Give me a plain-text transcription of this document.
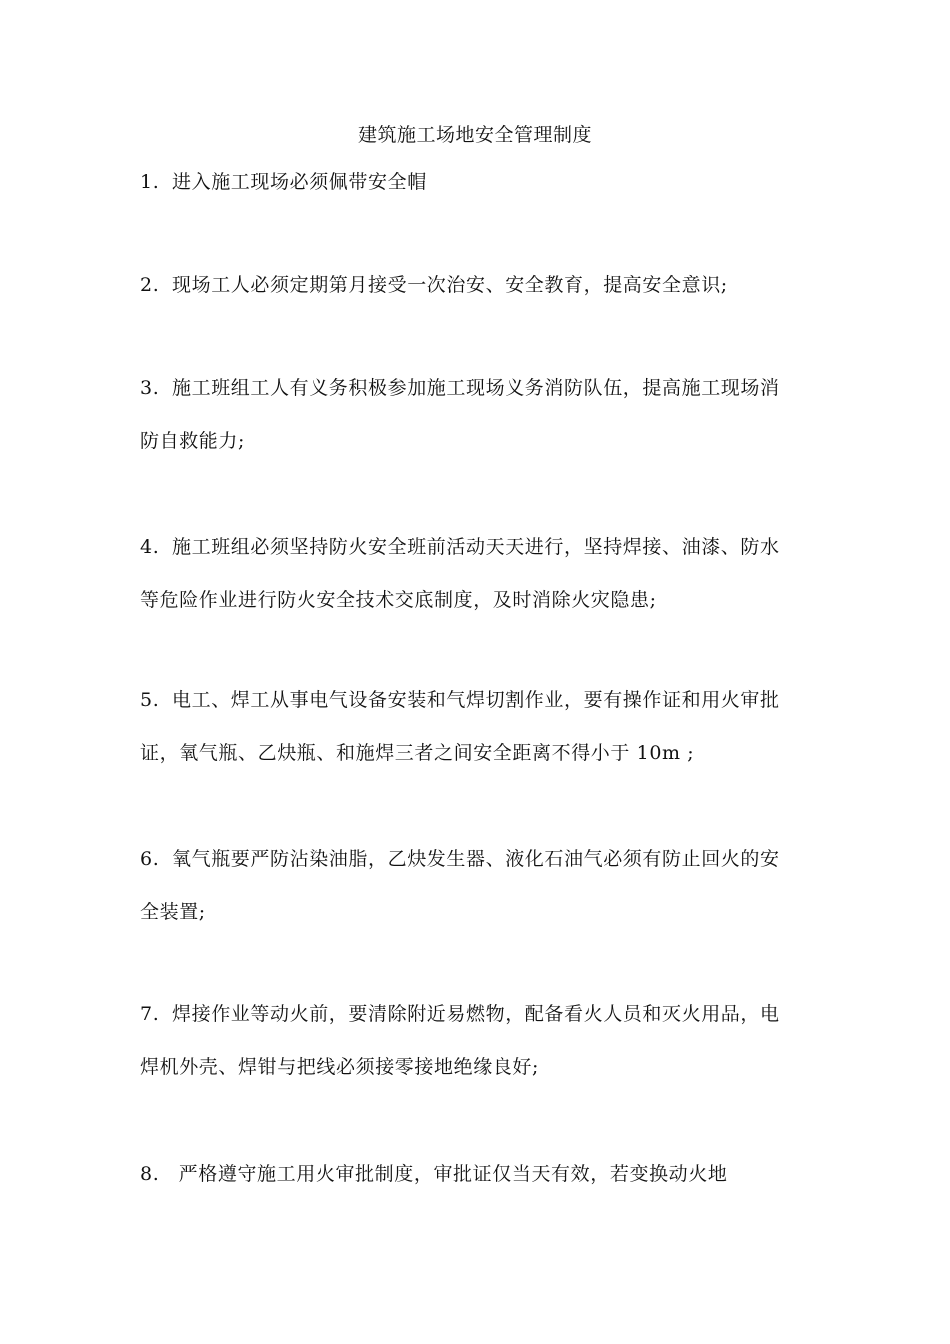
建筑施工场地安全管理制度
1. 进入施工现场必须佩带安全帽
2. 现场工人必须定期第月接受一次治安、安全教育，提高安全意识;
3. 施工班组工人有义务积极参加施工现场义务消防队伍，提高施工现场消
防自救能力;
4. 施工班组必须坚持防火安全班前活动天天进行，坚持焊接、油漆、防水
等危险作业进行防火安全技术交底制度，及时消除火灾隐患;
5. 电工、焊工从事电气设备安装和气焊切割作业，要有操作证和用火审批
证，氧气瓶、乙炔瓶、和施焊三者之间安全距离不得小于 10m ;
6. 氧气瓶要严防沾染油脂，乙炔发生器、液化石油气必须有防止回火的安
全装置;
7. 焊接作业等动火前，要清除附近易燃物，配备看火人员和灭火用品，电
焊机外壳、焊钳与把线必须接零接地绝缘良好;
8. 严格遵守施工用火审批制度，审批证仅当天有效，若变换动火地
